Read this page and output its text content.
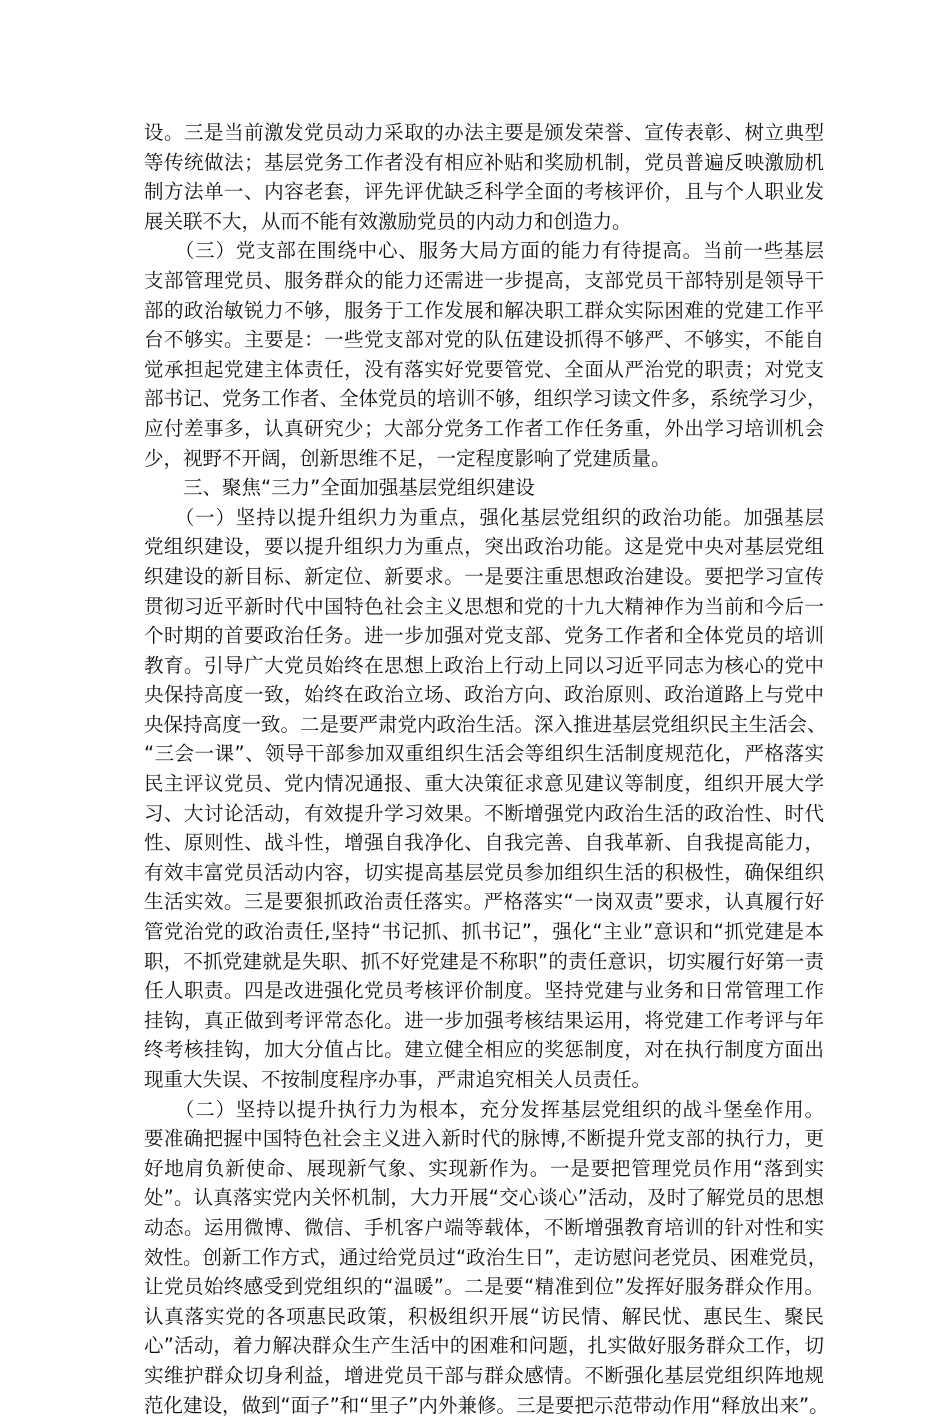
设。三是当前激发党员动力采取的办法主要是颁发荣誉、宣传表彰、树立典型
等传统做法；基层党务工作者没有相应补贴和奖励机制，党员普遍反映激励机
制方法单一、内容老套，评先评优缺乏科学全面的考核评价，且与个人职业发
展关联不大，从而不能有效激励党员的内动力和创造力。
　　（三）党支部在围绕中心、服务大局方面的能力有待提高。当前一些基层
支部管理党员、服务群众的能力还需进一步提高，支部党员干部特别是领导干
部的政治敏锐力不够，服务于工作发展和解决职工群众实际困难的党建工作平
台不够实。主要是：一些党支部对党的队伍建设抓得不够严、不够实，不能自
觉承担起党建主体责任，没有落实好党要管党、全面从严治党的职责；对党支
部书记、党务工作者、全体党员的培训不够，组织学习读文件多，系统学习少，
应付差事多，认真研究少；大部分党务工作者工作任务重，外出学习培训机会
少，视野不开阔，创新思维不足，一定程度影响了党建质量。
　　三、聚焦“三力”全面加强基层党组织建设
　　（一）坚持以提升组织力为重点，强化基层党组织的政治功能。加强基层
党组织建设，要以提升组织力为重点，突出政治功能。这是党中央对基层党组
织建设的新目标、新定位、新要求。一是要注重思想政治建设。要把学习宣传
贯彻习近平新时代中国特色社会主义思想和党的十九大精神作为当前和今后一
个时期的首要政治任务。进一步加强对党支部、党务工作者和全体党员的培训
教育。引导广大党员始终在思想上政治上行动上同以习近平同志为核心的党中
央保持高度一致，始终在政治立场、政治方向、政治原则、政治道路上与党中
央保持高度一致。二是要严肃党内政治生活。深入推进基层党组织民主生活会、
“三会一课”、领导干部参加双重组织生活会等组织生活制度规范化，严格落实
民主评议党员、党内情况通报、重大决策征求意见建议等制度，组织开展大学
习、大讨论活动，有效提升学习效果。不断增强党内政治生活的政治性、时代
性、原则性、战斗性，增强自我净化、自我完善、自我革新、自我提高能力，
有效丰富党员活动内容，切实提高基层党员参加组织生活的积极性，确保组织
生活实效。三是要狠抓政治责任落实。严格落实“一岗双责”要求，认真履行好
管党治党的政治责任,坚持“书记抓、抓书记”，强化“主业”意识和“抓党建是本
职，不抓党建就是失职、抓不好党建是不称职”的责任意识，切实履行好第一责
任人职责。四是改进强化党员考核评价制度。坚持党建与业务和日常管理工作
挂钩，真正做到考评常态化。进一步加强考核结果运用，将党建工作考评与年
终考核挂钩，加大分值占比。建立健全相应的奖惩制度，对在执行制度方面出
现重大失误、不按制度程序办事，严肃追究相关人员责任。
　　（二）坚持以提升执行力为根本，充分发挥基层党组织的战斗堡垒作用。
要准确把握中国特色社会主义进入新时代的脉博,不断提升党支部的执行力，更
好地肩负新使命、展现新气象、实现新作为。一是要把管理党员作用“落到实
处”。认真落实党内关怀机制，大力开展“交心谈心”活动，及时了解党员的思想
动态。运用微博、微信、手机客户端等载体，不断增强教育培训的针对性和实
效性。创新工作方式，通过给党员过“政治生日”，走访慰问老党员、困难党员，
让党员始终感受到党组织的“温暖”。二是要“精准到位”发挥好服务群众作用。
认真落实党的各项惠民政策，积极组织开展“访民情、解民忧、惠民生、聚民
心”活动，着力解决群众生产生活中的困难和问题，扎实做好服务群众工作，切
实维护群众切身利益，增进党员干部与群众感情。不断强化基层党组织阵地规
范化建设，做到“面子”和“里子”内外兼修。三是要把示范带动作用“释放出来”。
